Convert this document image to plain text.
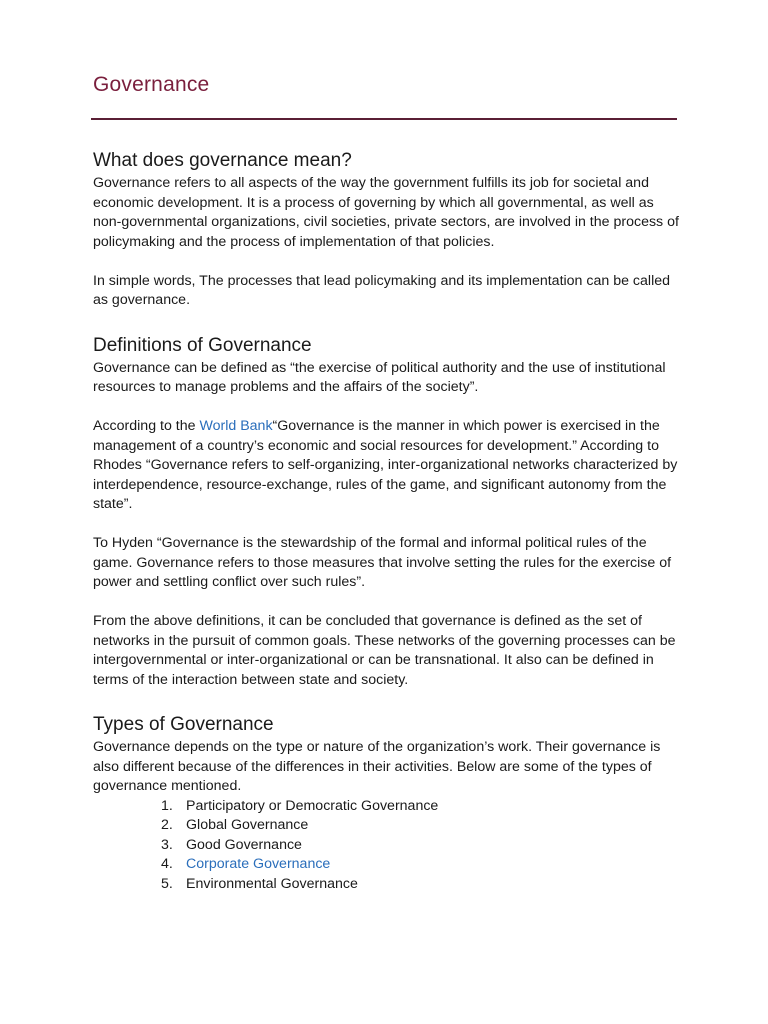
Governance
What does governance mean?

Governance refers to all aspects of the way the government fulfills its job for societal and economic development. It is a process of governing by which all governmental, as well as non-governmental organizations, civil societies, private sectors, are involved in the process of policymaking and the process of implementation of that policies.

In simple words, The processes that lead policymaking and its implementation can be called as governance.

Definitions of Governance

Governance can be defined as “the exercise of political authority and the use of institutional resources to manage problems and the affairs of the society”.

According to the World Bank“Governance is the manner in which power is exercised in the management of a country’s economic and social resources for development.” According to Rhodes “Governance refers to self-organizing, inter-organizational networks characterized by interdependence, resource-exchange, rules of the game, and significant autonomy from the state”.

To Hyden “Governance is the stewardship of the formal and informal political rules of the game. Governance refers to those measures that involve setting the rules for the exercise of power and settling conflict over such rules”.

From the above definitions, it can be concluded that governance is defined as the set of networks in the pursuit of common goals. These networks of the governing processes can be intergovernmental or inter-organizational or can be transnational. It also can be defined in terms of the interaction between state and society.

Types of Governance

Governance depends on the type or nature of the organization’s work. Their governance is also different because of the differences in their activities. Below are some of the types of governance mentioned.

1. Participatory or Democratic Governance
2. Global Governance
3. Good Governance
4. Corporate Governance
5. Environmental Governance
